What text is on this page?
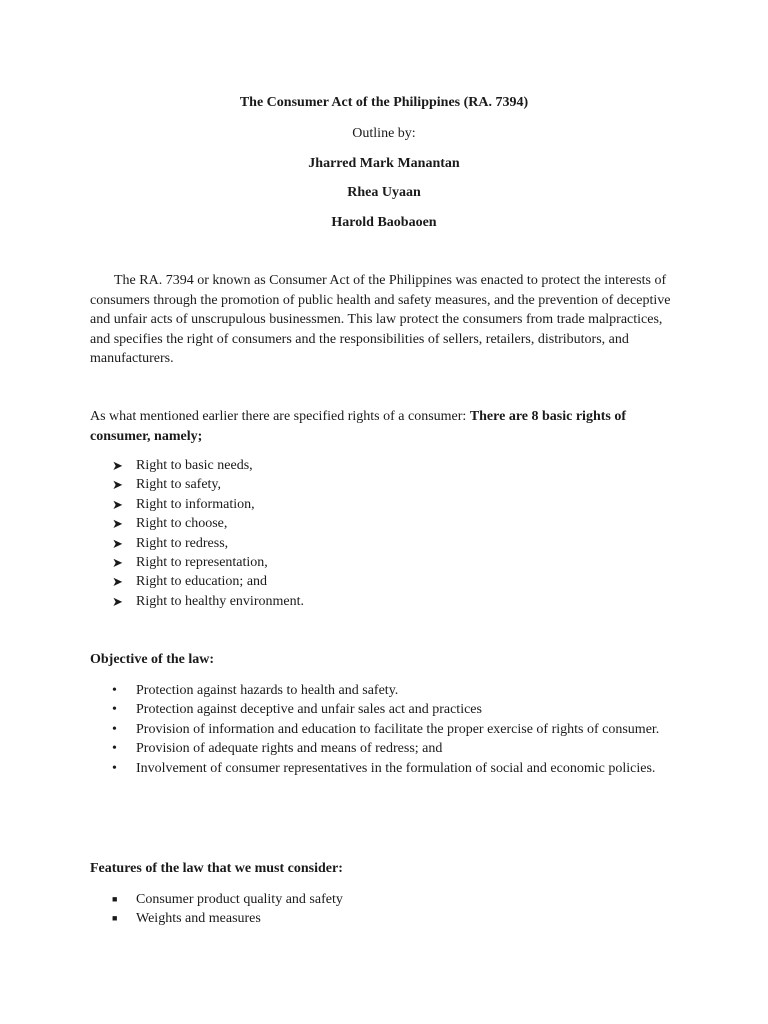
The Consumer Act of the Philippines (RA. 7394)

Outline by:

Jharred Mark Manantan

Rhea Uyaan

Harold Baobaoen

The RA. 7394 or known as Consumer Act of the Philippines was enacted to protect the interests of consumers through the promotion of public health and safety measures, and the prevention of deceptive and unfair acts of unscrupulous businessmen. This law protect the consumers from trade malpractices, and specifies the right of consumers and the responsibilities of sellers, retailers, distributors, and manufacturers.

As what mentioned earlier there are specified rights of a consumer: There are 8 basic rights of consumer, namely;

➤ Right to basic needs,
➤ Right to safety,
➤ Right to information,
➤ Right to choose,
➤ Right to redress,
➤ Right to representation,
➤ Right to education; and
➤ Right to healthy environment.

Objective of the law:

•	Protection against hazards to health and safety.
•	Protection against deceptive and unfair sales act and practices
•	Provision of information and education to facilitate the proper exercise of rights of consumer.
•	Provision of adequate rights and means of redress; and
•	Involvement of consumer representatives in the formulation of social and economic policies.

Features of the law that we must consider:

■	Consumer product quality and safety
■	Weights and measures
